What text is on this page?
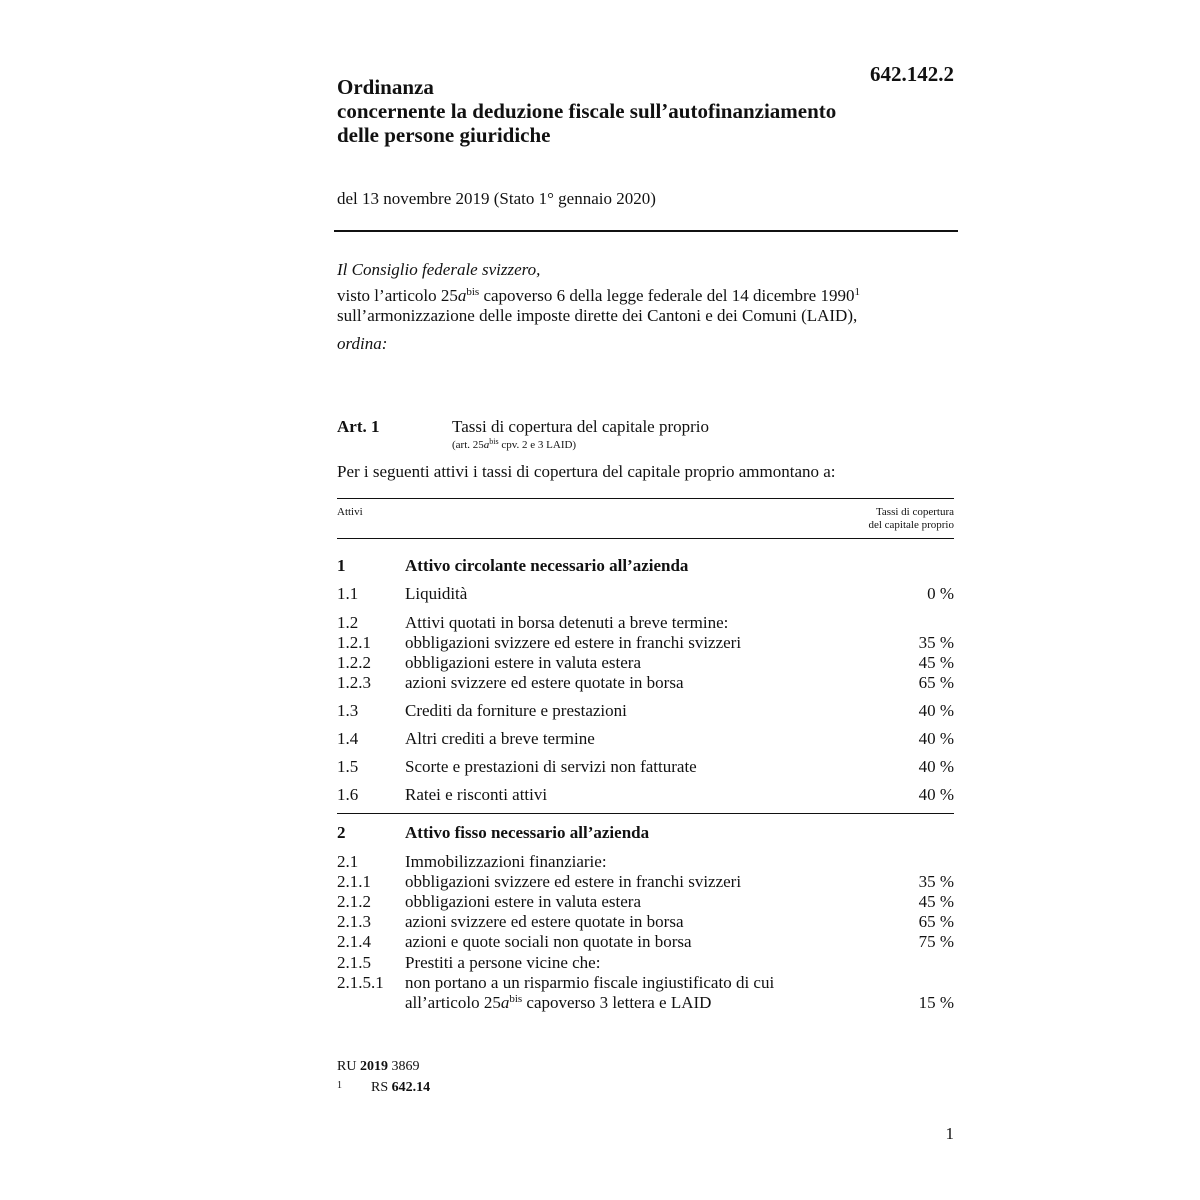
642.142.2
Ordinanza
concernente la deduzione fiscale sull’autofinanziamento
delle persone giuridiche
del 13 novembre 2019 (Stato 1° gennaio 2020)
Il Consiglio federale svizzero,
visto l’articolo $25a^{bis}$ capoverso 6 della legge federale del 14 dicembre 1990$^1$
sull’armonizzazione delle imposte dirette dei Cantoni e dei Comuni (LAID),
ordina:
Art. 1	Tassi di copertura del capitale proprio
(art. $25a^{bis}$ cpv. 2 e 3 LAID)
Per i seguenti attivi i tassi di copertura del capitale proprio ammontano a:
Attivi	Tassi di copertura
del capitale proprio
1	Attivo circolante necessario all’azienda
1.1	Liquidità	0 %
1.2	Attivi quotati in borsa detenuti a breve termine:
1.2.1 obbligazioni svizzere ed estere in franchi svizzeri	35 %
1.2.2 obbligazioni estere in valuta estera	45 %
1.2.3 azioni svizzere ed estere quotate in borsa	65 %
1.3	Crediti da forniture e prestazioni	40 %
1.4	Altri crediti a breve termine	40 %
1.5	Scorte e prestazioni di servizi non fatturate	40 %
1.6	Ratei e risconti attivi	40 %
2	Attivo fisso necessario all’azienda
2.1	Immobilizzazioni finanziarie:
2.1.1 obbligazioni svizzere ed estere in franchi svizzeri	35 %
2.1.2 obbligazioni estere in valuta estera	45 %
2.1.3 azioni svizzere ed estere quotate in borsa	65 %
2.1.4 azioni e quote sociali non quotate in borsa	75 %
2.1.5 Prestiti a persone vicine che:
2.1.5.1 non portano a un risparmio fiscale ingiustificato di cui
all’articolo $25a^{bis}$ capoverso 3 lettera e LAID	15 %
RU 2019 3869
1 RS 642.14
1
